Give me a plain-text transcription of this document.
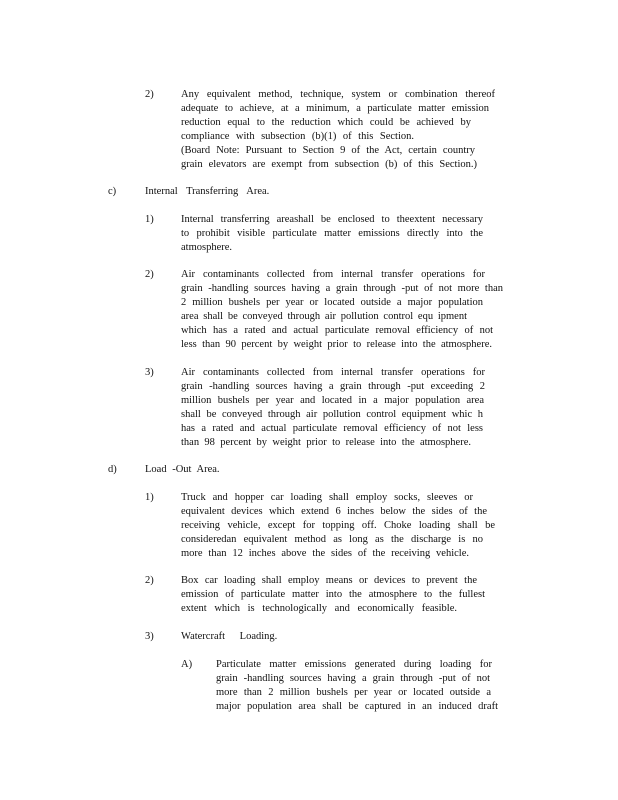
2)	Any equivalent method, technique, system or combination thereof
adequate to achieve, at a minimum, a particulate matter emission
reduction equal to the reduction which could be achieved by
compliance with subsection (b)(1) of this Section.
(Board Note: Pursuant to Section 9 of the Act, certain country
grain elevators are exempt from subsection (b) of this Section.)
c)	Internal Transferring Area.
1)	Internal transferring areashall be enclosed to theextent necessary
to prohibit visible particulate matter emissions directly into the
atmosphere.
2)	Air contaminants collected from internal transfer operations for
grain -handling sources having a grain through -put of not more than
2 million bushels per year or located outside a major population
area shall be conveyed through air pollution control equ ipment
which has a rated and actual particulate removal efficiency of not
less than 90 percent by weight prior to release into the atmosphere.
3)	Air contaminants collected from internal transfer operations for
grain -handling sources having a grain through -put exceeding 2
million bushels per year and located in a major population area
shall be conveyed through air pollution control equipment whic h
has a rated and actual particulate removal efficiency of not less
than 98 percent by weight prior to release into the atmosphere.
d)	Load -Out Area.
1)	Truck and hopper car loading shall employ socks, sleeves or
equivalent devices which extend 6 inches below the sides of the
receiving vehicle, except for topping off. Choke loading shall be
consideredan equivalent method as long as the discharge is no
more than 12 inches above the sides of the receiving vehicle.
2)	Box car loading shall employ means or devices to prevent the
emission of particulate matter into the atmosphere to the fullest
extent which is technologically and economically feasible.
3)	Watercraft Loading.
A) Particulate matter emissions generated during loading for
grain -handling sources having a grain through -put of not
more than 2 million bushels per year or located outside a
major population area shall be captured in an induced draft
